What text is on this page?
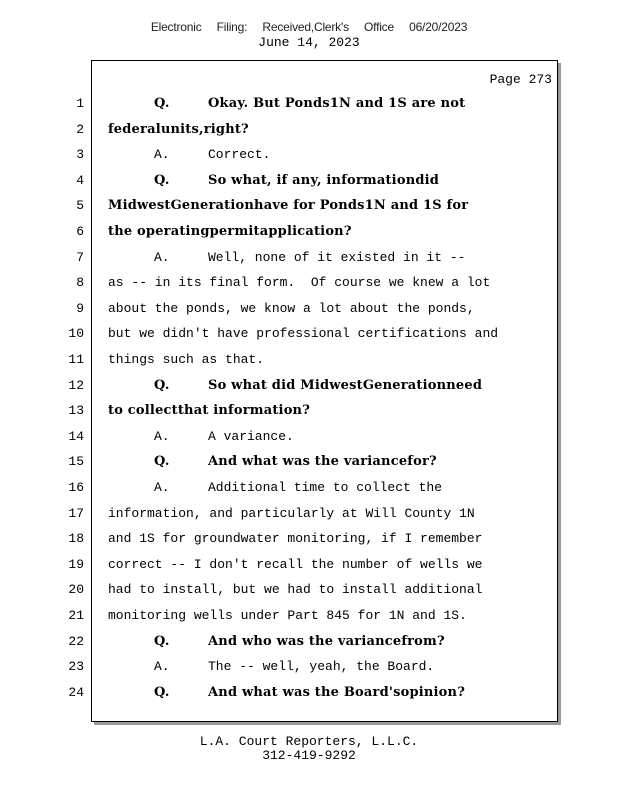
Electronic Filing: Received,Clerk's Office 06/20/2023
June 14, 2023
Page 273
1	Q.	Okay. But Ponds1N and 1S are not
2 federalunits,right?
3	A.	Correct.
4	Q.	So what, if any, informationdid
5 MidwestGenerationhave for Ponds1N and 1S for
6 the operatingpermitapplication?
7	A.	Well, none of it existed in it --
8 as -- in its final form.  Of course we knew a lot
9 about the ponds, we know a lot about the ponds,
10 but we didn't have professional certifications and
11 things such as that.
12	Q.	So what did MidwestGenerationneed
13 to collectthat information?
14	A.	A variance.
15	Q.	And what was the variancefor?
16	A.	Additional time to collect the
17 information, and particularly at Will County 1N
18 and 1S for groundwater monitoring, if I remember
19 correct -- I don't recall the number of wells we
20 had to install, but we had to install additional
21 monitoring wells under Part 845 for 1N and 1S.
22	Q.	And who was the variancefrom?
23	A.	The -- well, yeah, the Board.
24	Q.	And what was the Board'sopinion?
L.A. Court Reporters, L.L.C.
312-419-9292
